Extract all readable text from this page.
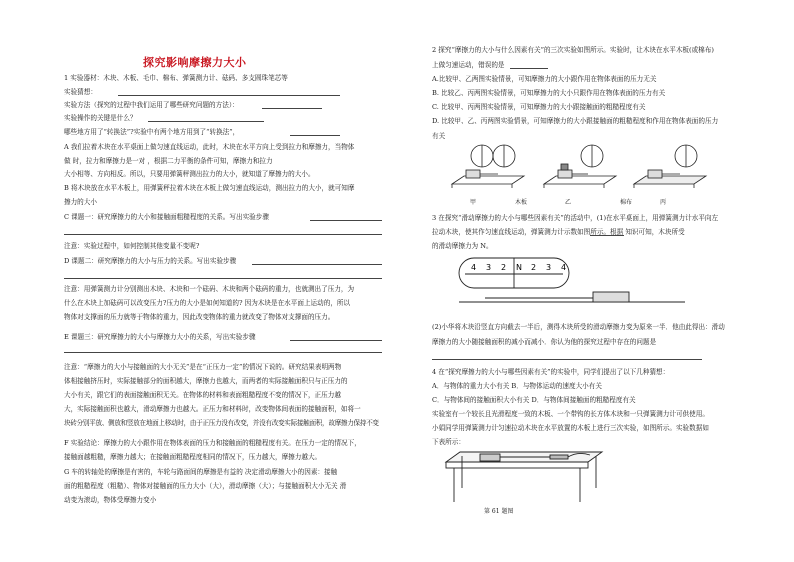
探究影响摩擦力大小
1 实验器材：木块、木板、毛巾、棉布、弹簧测力计、砝码、多支圆珠笔芯等
实验猜想：
实验方法（探究的过程中我们运用了哪些研究问题的方法）：
实验操作的关键是什么？
哪些地方用了“转换法”?实验中有两个地方用到了“转换法”，
A 我们拉着木块在水平桌面上做匀速直线运动，此时，木块在水平方向上受到拉力和摩擦力，当物体
做 时，拉力和摩擦力是一对 ，根据二力平衡的条件可知，摩擦力和拉力
大小相等、方向相反。所以，只要用弹簧秤测出拉力的大小，就知道了摩擦力的大小。
B 将木块放在水平木板上，用弹簧秤拉着木块在木板上做匀速直线运动，测出拉力的大小，就可知摩
擦力的大小
C 课题一：研究摩擦力的大小和接触面粗糙程度的关系。写出实验步骤
注意：实验过程中，如何控制其他变量不变呢?
D 课题二：研究摩擦力的大小与压力的关系。写出实验步骤
注意：用弹簧测力计分别测出木块、木块和一个砝码、木块和两个砝码的重力，也就测出了压力，为
什么在木块上加砝码可以改变压力?压力的大小是如何知道的? 因为木块是在水平面上运动的，所以
物体对支撑面的压力就等于物体的重力，因此改变物体的重力就改变了物体对支撑面的压力。
E 课题三：研究摩擦力的大小与摩擦力大小的关系，写出实验步骤
注意：“摩擦力的大小与接触面的大小无关”是在“正压力一定”的情况下说的。研究结果表明两物
体相接触挤压时，实际接触部分的面积越大，摩擦力也越大，而两者的实际接触面积只与正压力的
大小有关，跟它们的表面接触面积无关。在物体的材料和表面粗糙程度不变的情况下，正压力越
大，实际接触面积也越大，滑动摩擦力也越大。正压力和材料时，改变物体间表面的接触面积，如将一
块砖分别平放、侧放和竖放在地面上移动时，由于正压力没有改变，并没有改变实际接触面积，故摩擦力保持不变
F 实验结论：摩擦力的大小跟作用在物体表面的压力和接触面的粗糙程度有关。在压力一定的情况下，
接触面越粗糙，摩擦力越大；在接触面粗糙程度相同的情况下，压力越大，摩擦力越大。
G 车的转轴处的摩擦是有害的，车轮与路面间的摩擦是有益的 决定滑动摩擦大小的因素：接触
面的粗糙程度（粗糙）、物体对接触面的压力大小（大），滑动摩擦（大）；与接触面积大小无关 滑
动变为滚动，物体受摩擦力变小
2 探究“摩擦力的大小与什么因素有关”的三次实验如图所示。实验时，让木块在水平木板(或棉布)
上做匀速运动，错误的是
A.比较甲、乙两图实验情景，可知摩擦力的大小跟作用在物体表面的压力无关
B. 比较乙、丙两图实验情景，可知摩擦力的大小只跟作用在物体表面的压力有关
C. 比较甲、丙两图实验情景，可知摩擦力的大小跟接触面的粗糙程度有关
D. 比较甲、乙、丙两图实验情景，可知摩擦力的大小跟接触面的粗糙程度和作用在物体表面的压力
有关
甲	木板	乙	棉布	丙
3 在探究“滑动摩擦力的大小与哪些因素有关”的活动中，(1)在水平桌面上，用弹簧测力计水平向左
拉动木块，使其作匀速直线运动，弹簧测力计示数如图所示。根据 知识可知，木块所受
的滑动摩擦力为 N。
4 3 2 N 2 3 4
(2)小华将木块沿竖直方向截去一半后，测得木块所受的滑动摩擦力变为原来一半．他由此得出：滑动
摩擦力的大小随接触面积的减小而减小．你认为他的探究过程中存在的问题是
4 在“探究摩擦力的大小与哪些因素有关”的实验中，同学们提出了以下几种猜想：
A．与物体的重力大小有关 B．与物体运动的速度大小有关
C．与物体间的接触面积大小有关 D．与物体间接触面的粗糙程度有关
实验室有一个较长且光滑程度一致的木板、一个带钩的长方体木块和一只弹簧测力计可供使用。
小娟同学用弹簧测力计匀速拉动木块在水平放置的木板上进行三次实验，如图所示。实验数据如
下表所示：
第 61 题图
